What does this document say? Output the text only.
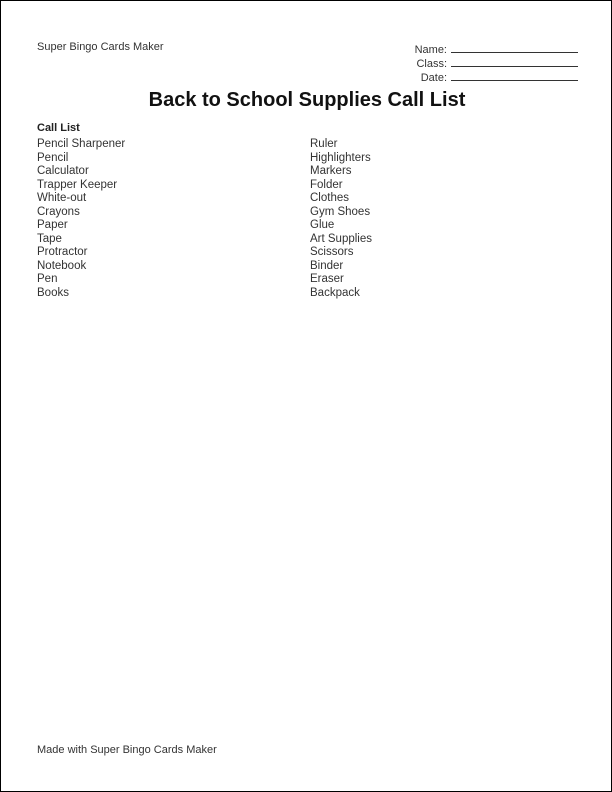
Super Bingo Cards Maker	Name:
Class:
Date:
Back to School Supplies Call List
Call List
Pencil Sharpener
Pencil
Calculator
Trapper Keeper
White-out
Crayons
Paper
Tape
Protractor
Notebook
Pen
Books
Ruler
Highlighters
Markers
Folder
Clothes
Gym Shoes
Glue
Art Supplies
Scissors
Binder
Eraser
Backpack
Made with Super Bingo Cards Maker
